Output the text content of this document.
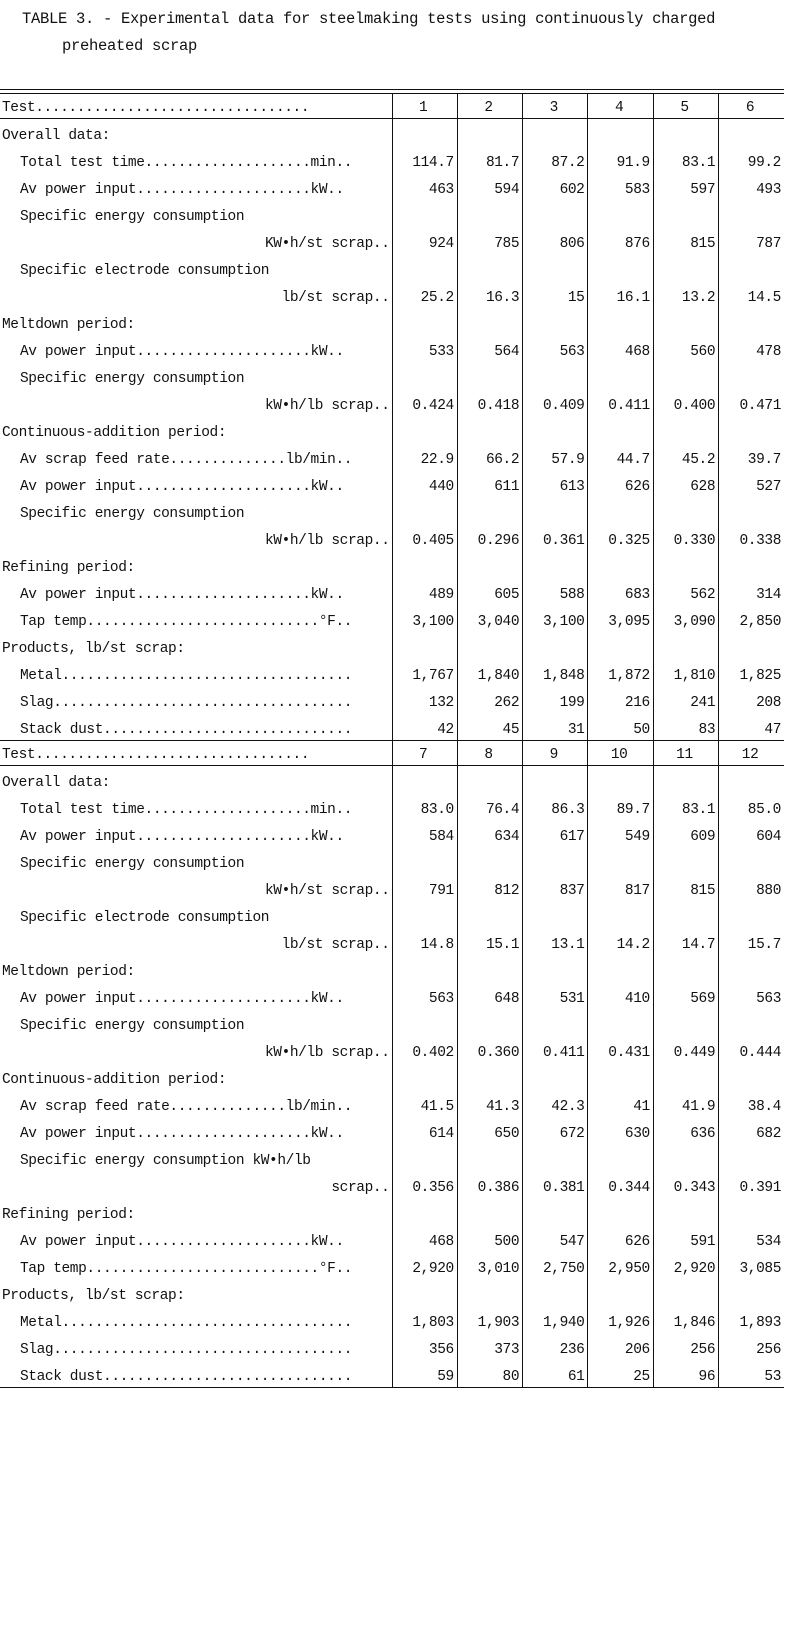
TABLE 3. - Experimental data for steelmaking tests using continuously charged
preheated scrap
Test.................................	1	2	3	4	5	6
Overall data:						
Total test time....................min..	114.7	81.7	87.2	91.9	83.1	99.2
Av power input.....................kW..	463	594	602	583	597	493
Specific energy consumption						
KW•h/st scrap..	924	785	806	876	815	787
Specific electrode consumption						
lb/st scrap..	25.2	16.3	15	16.1	13.2	14.5
Meltdown period:						
Av power input.....................kW..	533	564	563	468	560	478
Specific energy consumption						
kW•h/lb scrap..	0.424	0.418	0.409	0.411	0.400	0.471
Continuous-addition period:						
Av scrap feed rate..............lb/min..	22.9	66.2	57.9	44.7	45.2	39.7
Av power input.....................kW..	440	611	613	626	628	527
Specific energy consumption						
kW•h/lb scrap..	0.405	0.296	0.361	0.325	0.330	0.338
Refining period:						
Av power input.....................kW..	489	605	588	683	562	314
Tap temp............................°F..	3,100	3,040	3,100	3,095	3,090	2,850
Products, lb/st scrap:						
Metal...................................	1,767	1,840	1,848	1,872	1,810	1,825
Slag....................................	132	262	199	216	241	208
Stack dust..............................	42	45	31	50	83	47
Test.................................	7	8	9	10	11	12
Overall data:						
Total test time....................min..	83.0	76.4	86.3	89.7	83.1	85.0
Av power input.....................kW..	584	634	617	549	609	604
Specific energy consumption						
kW•h/st scrap..	791	812	837	817	815	880
Specific electrode consumption						
lb/st scrap..	14.8	15.1	13.1	14.2	14.7	15.7
Meltdown period:						
Av power input.....................kW..	563	648	531	410	569	563
Specific energy consumption						
kW•h/lb scrap..	0.402	0.360	0.411	0.431	0.449	0.444
Continuous-addition period:						
Av scrap feed rate..............lb/min..	41.5	41.3	42.3	41	41.9	38.4
Av power input.....................kW..	614	650	672	630	636	682
Specific energy consumption kW•h/lb						
scrap..	0.356	0.386	0.381	0.344	0.343	0.391
Refining period:						
Av power input.....................kW..	468	500	547	626	591	534
Tap temp............................°F..	2,920	3,010	2,750	2,950	2,920	3,085
Products, lb/st scrap:						
Metal...................................	1,803	1,903	1,940	1,926	1,846	1,893
Slag....................................	356	373	236	206	256	256
Stack dust..............................	59	80	61	25	96	53
